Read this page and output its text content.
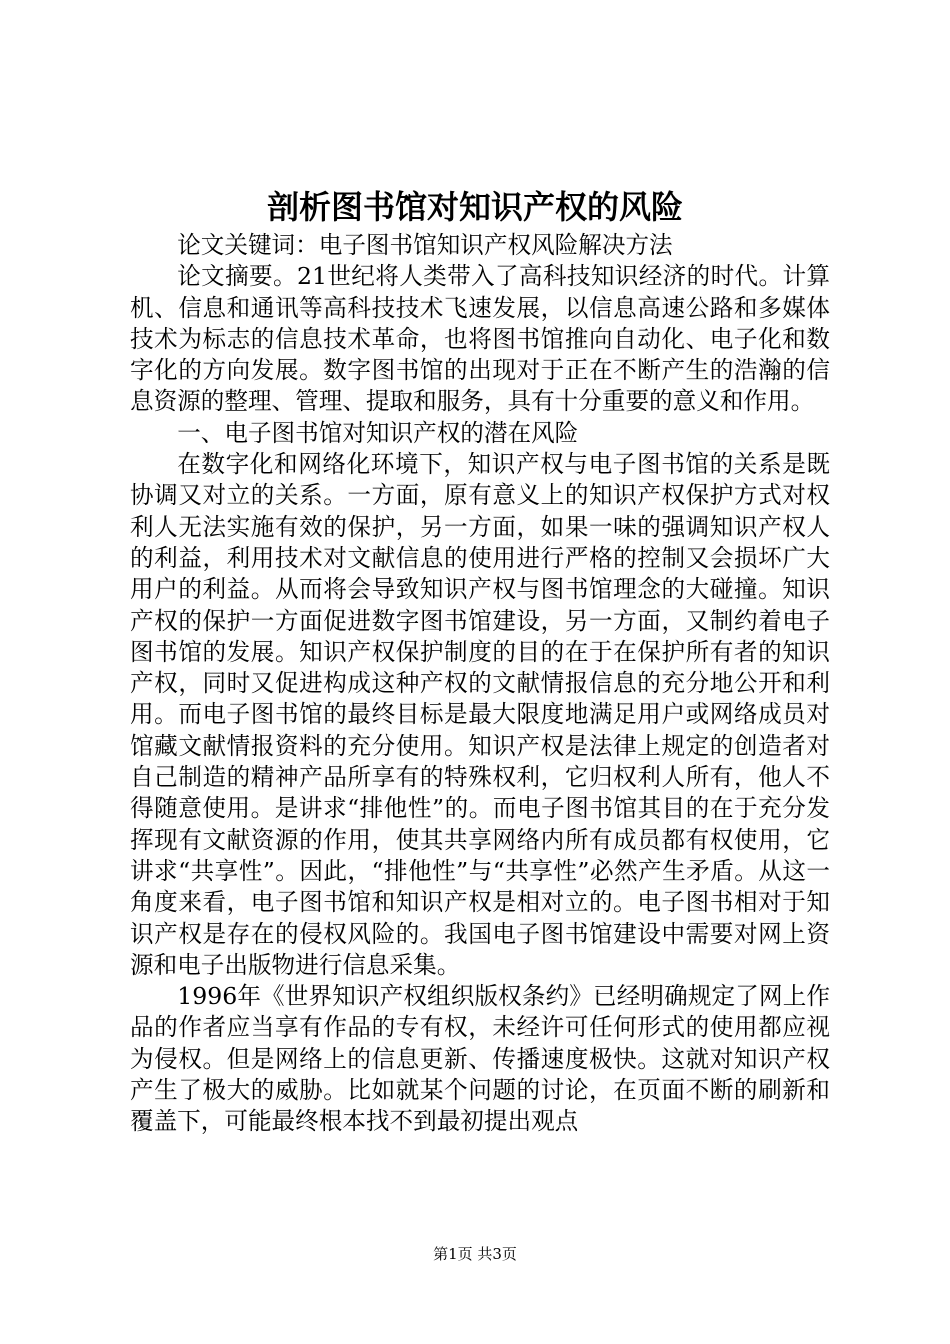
剖析图书馆对知识产权的风险

论文关键词：电子图书馆知识产权风险解决方法

论文摘要。21世纪将人类带入了高科技知识经济的时代。计算机、信息和通讯等高科技技术飞速发展，以信息高速公路和多媒体技术为标志的信息技术革命，也将图书馆推向自动化、电子化和数字化的方向发展。数字图书馆的出现对于正在不断产生的浩瀚的信息资源的整理、管理、提取和服务，具有十分重要的意义和作用。

一、电子图书馆对知识产权的潜在风险

在数字化和网络化环境下，知识产权与电子图书馆的关系是既协调又对立的关系。一方面，原有意义上的知识产权保护方式对权利人无法实施有效的保护，另一方面，如果一味的强调知识产权人的利益，利用技术对文献信息的使用进行严格的控制又会损坏广大用户的利益。从而将会导致知识产权与图书馆理念的大碰撞。知识产权的保护一方面促进数字图书馆建设，另一方面，又制约着电子图书馆的发展。知识产权保护制度的目的在于在保护所有者的知识产权，同时又促进构成这种产权的文献情报信息的充分地公开和利用。而电子图书馆的最终目标是最大限度地满足用户或网络成员对馆藏文献情报资料的充分使用。知识产权是法律上规定的创造者对自己制造的精神产品所享有的特殊权利，它归权利人所有，他人不得随意使用。是讲求“排他性”的。而电子图书馆其目的在于充分发挥现有文献资源的作用，使其共享网络内所有成员都有权使用，它讲求“共享性”。因此，“排他性”与“共享性”必然产生矛盾。从这一角度来看，电子图书馆和知识产权是相对立的。电子图书相对于知识产权是存在的侵权风险的。我国电子图书馆建设中需要对网上资源和电子出版物进行信息采集。

1996年《世界知识产权组织版权条约》已经明确规定了网上作品的作者应当享有作品的专有权，未经许可任何形式的使用都应视为侵权。但是网络上的信息更新、传播速度极快。这就对知识产权产生了极大的威胁。比如就某个问题的讨论，在页面不断的刷新和覆盖下，可能最终根本找不到最初提出观点

第1页 共3页
